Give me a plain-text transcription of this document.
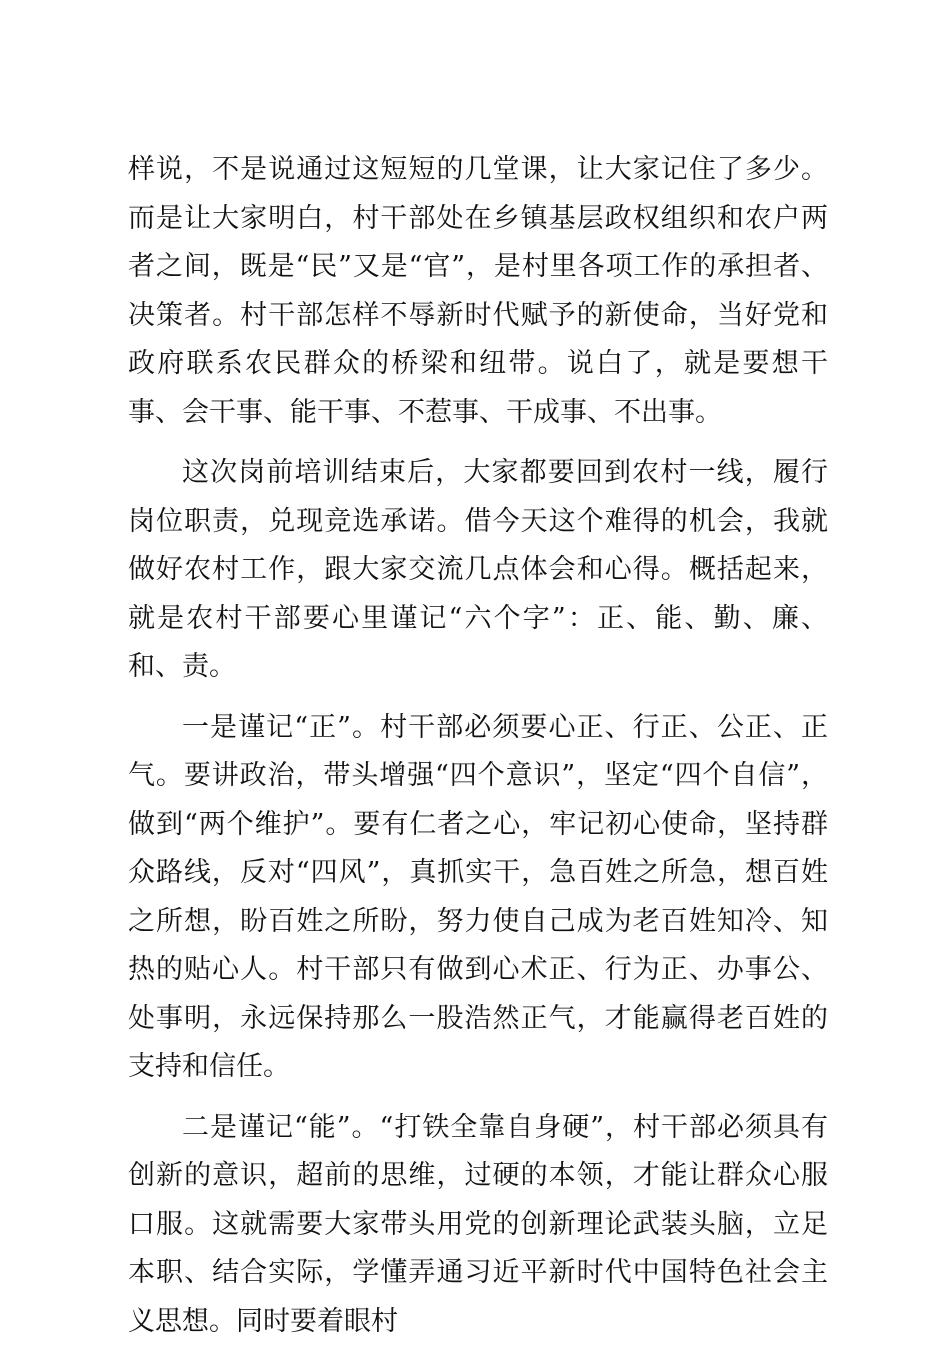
样说，不是说通过这短短的几堂课，让大家记住了多少。而是让大家明白，村干部处在乡镇基层政权组织和农户两者之间，既是“民”又是“官”，是村里各项工作的承担者、决策者。村干部怎样不辱新时代赋予的新使命，当好党和政府联系农民群众的桥梁和纽带。说白了，就是要想干事、会干事、能干事、不惹事、干成事、不出事。

这次岗前培训结束后，大家都要回到农村一线，履行岗位职责，兑现竞选承诺。借今天这个难得的机会，我就做好农村工作，跟大家交流几点体会和心得。概括起来，就是农村干部要心里谨记“六个字”：正、能、勤、廉、和、责。

一是谨记“正”。村干部必须要心正、行正、公正、正气。要讲政治，带头增强“四个意识”，坚定“四个自信”，做到“两个维护”。要有仁者之心，牢记初心使命，坚持群众路线，反对“四风”，真抓实干，急百姓之所急，想百姓之所想，盼百姓之所盼，努力使自己成为老百姓知冷、知热的贴心人。村干部只有做到心术正、行为正、办事公、处事明，永远保持那么一股浩然正气，才能赢得老百姓的支持和信任。

二是谨记“能”。“打铁全靠自身硬”，村干部必须具有创新的意识，超前的思维，过硬的本领，才能让群众心服口服。这就需要大家带头用党的创新理论武装头脑，立足本职、结合实际，学懂弄通习近平新时代中国特色社会主义思想。同时要着眼村
